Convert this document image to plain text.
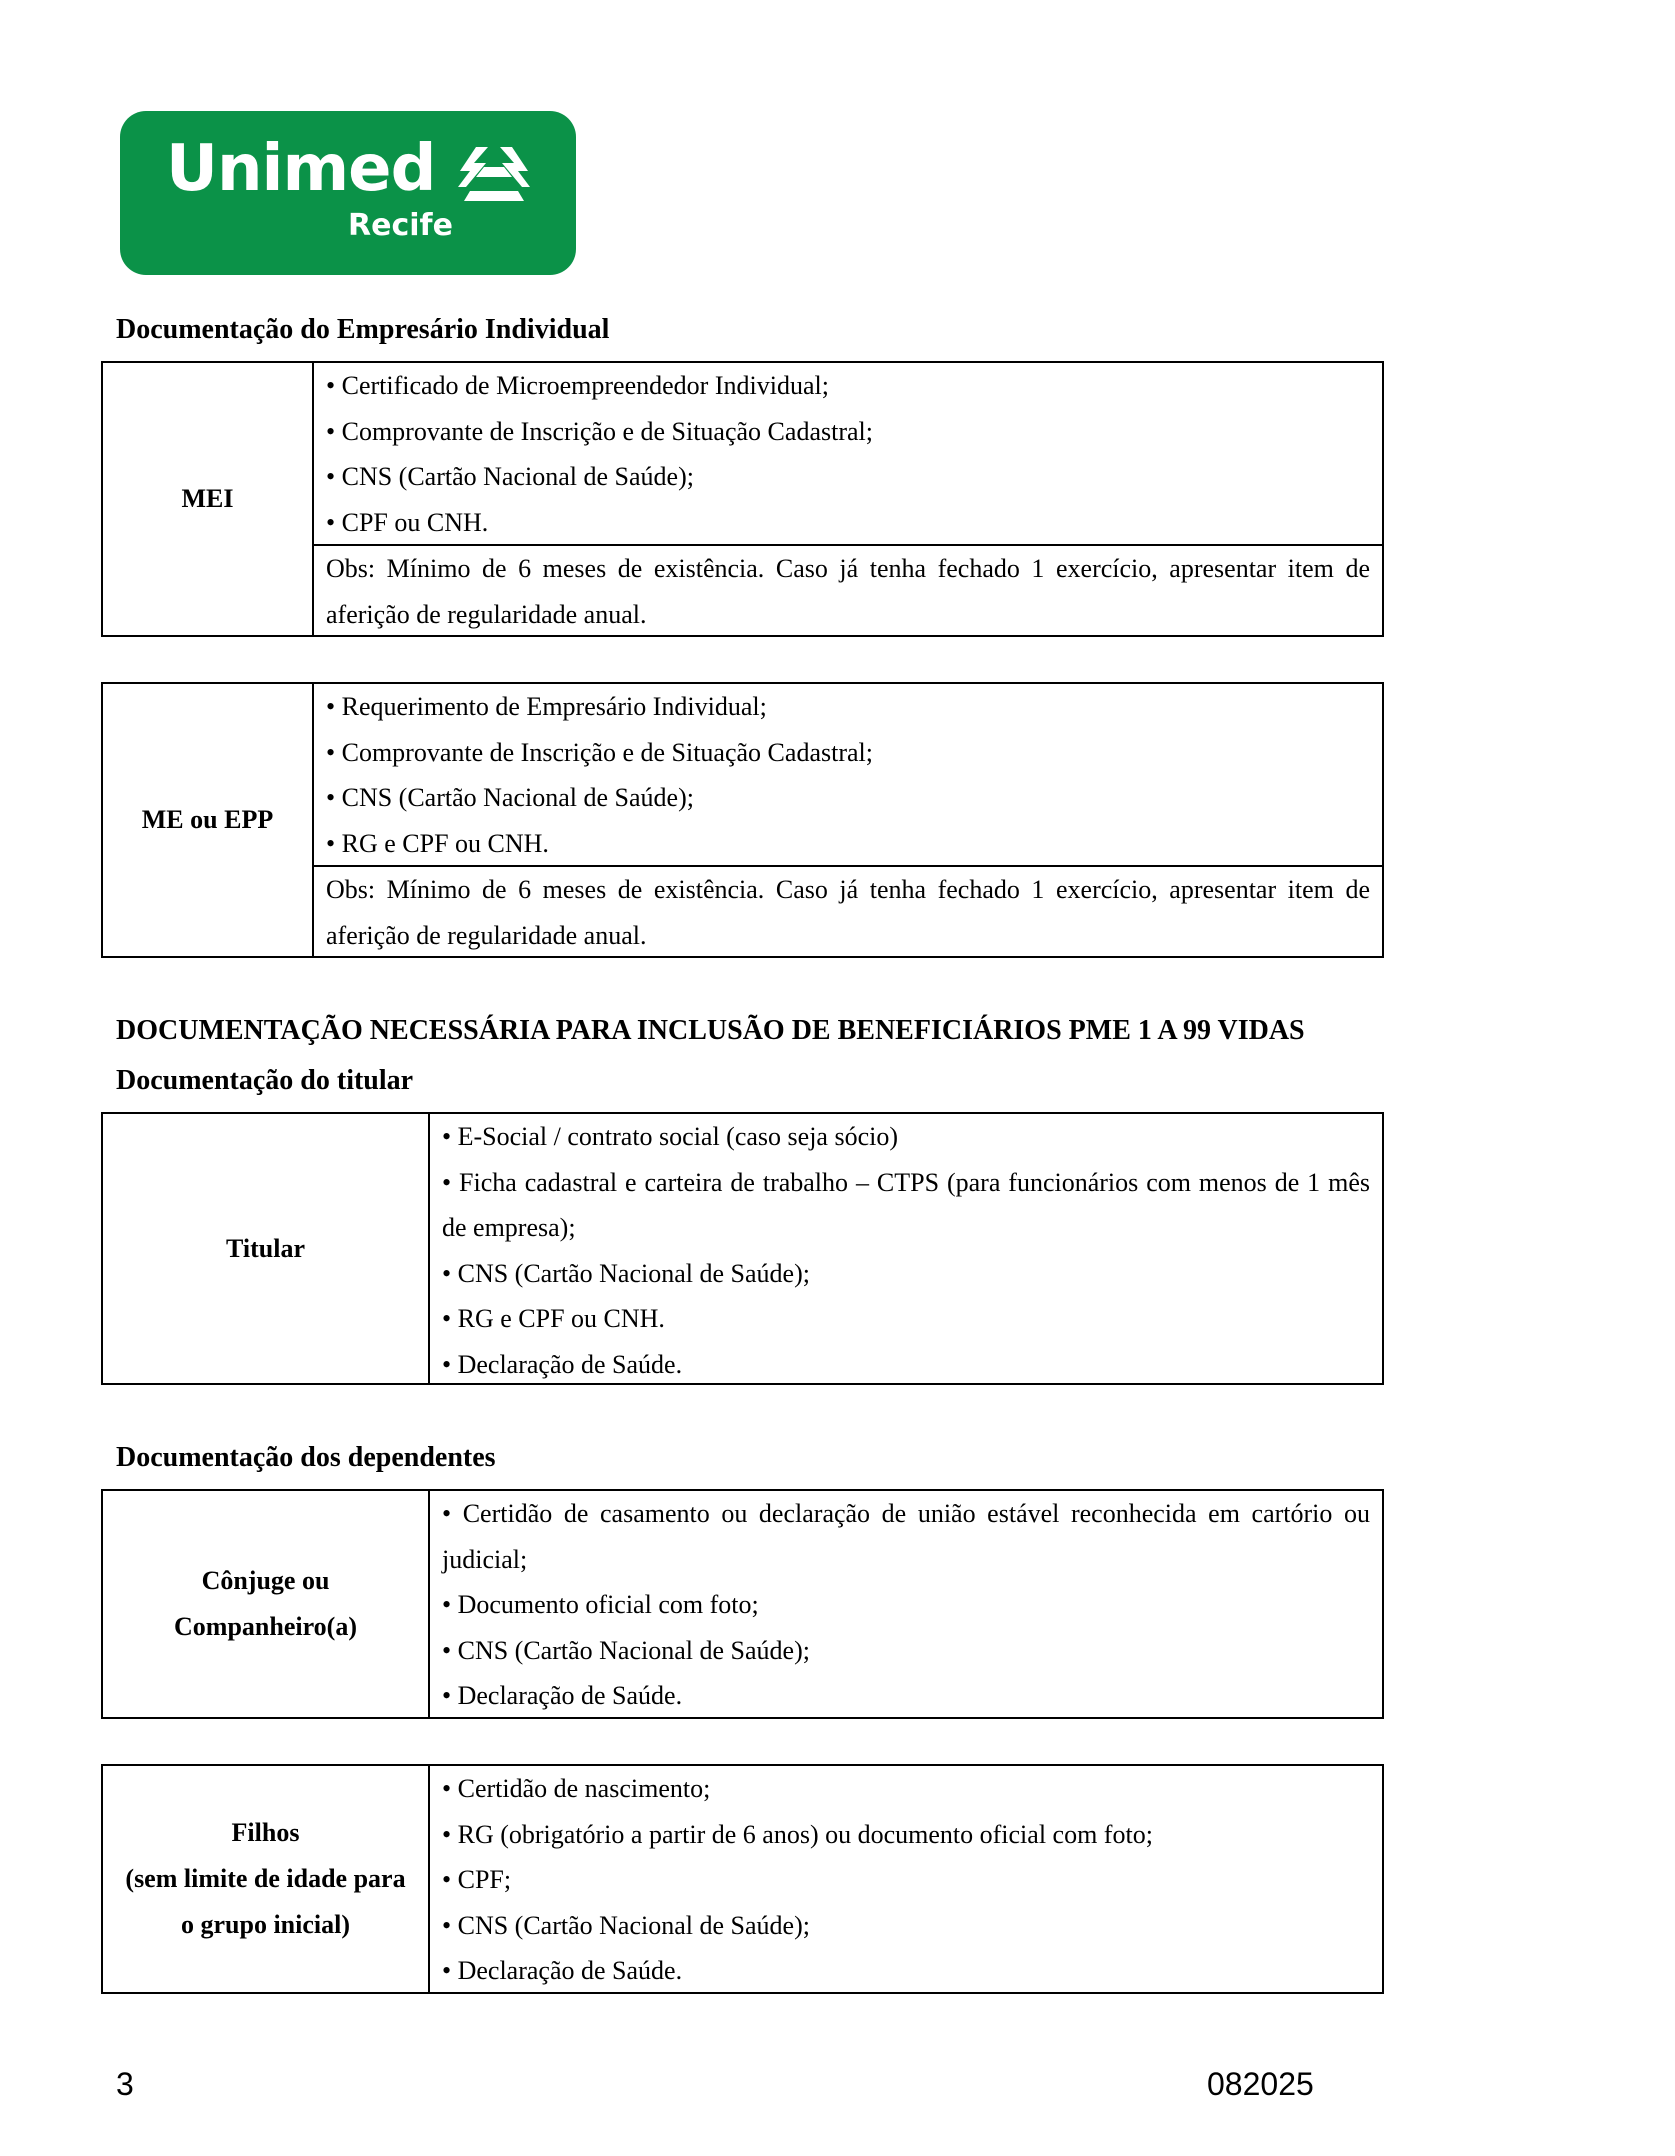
Unimed
Recife
Documentação do Empresário Individual
MEI
• Certificado de Microempreendedor Individual;
• Comprovante de Inscrição e de Situação Cadastral;
• CNS (Cartão Nacional de Saúde);
• CPF ou CNH.
Obs: Mínimo de 6 meses de existência. Caso já tenha fechado 1 exercício, apresentar item de aferição de regularidade anual.
ME ou EPP
• Requerimento de Empresário Individual;
• Comprovante de Inscrição e de Situação Cadastral;
• CNS (Cartão Nacional de Saúde);
• RG e CPF ou CNH.
Obs: Mínimo de 6 meses de existência. Caso já tenha fechado 1 exercício, apresentar item de aferição de regularidade anual.
DOCUMENTAÇÃO NECESSÁRIA PARA INCLUSÃO DE BENEFICIÁRIOS PME 1 A 99 VIDAS
Documentação do titular
Titular
• E-Social / contrato social (caso seja sócio)
• Ficha cadastral e carteira de trabalho – CTPS (para funcionários com menos de 1 mês de empresa);
• CNS (Cartão Nacional de Saúde);
• RG e CPF ou CNH.
• Declaração de Saúde.
Documentação dos dependentes
Cônjuge ou
Companheiro(a)
• Certidão de casamento ou declaração de união estável reconhecida em cartório ou judicial;
• Documento oficial com foto;
• CNS (Cartão Nacional de Saúde);
• Declaração de Saúde.
Filhos
(sem limite de idade para
o grupo inicial)
• Certidão de nascimento;
• RG (obrigatório a partir de 6 anos) ou documento oficial com foto;
• CPF;
• CNS (Cartão Nacional de Saúde);
• Declaração de Saúde.
3	082025
